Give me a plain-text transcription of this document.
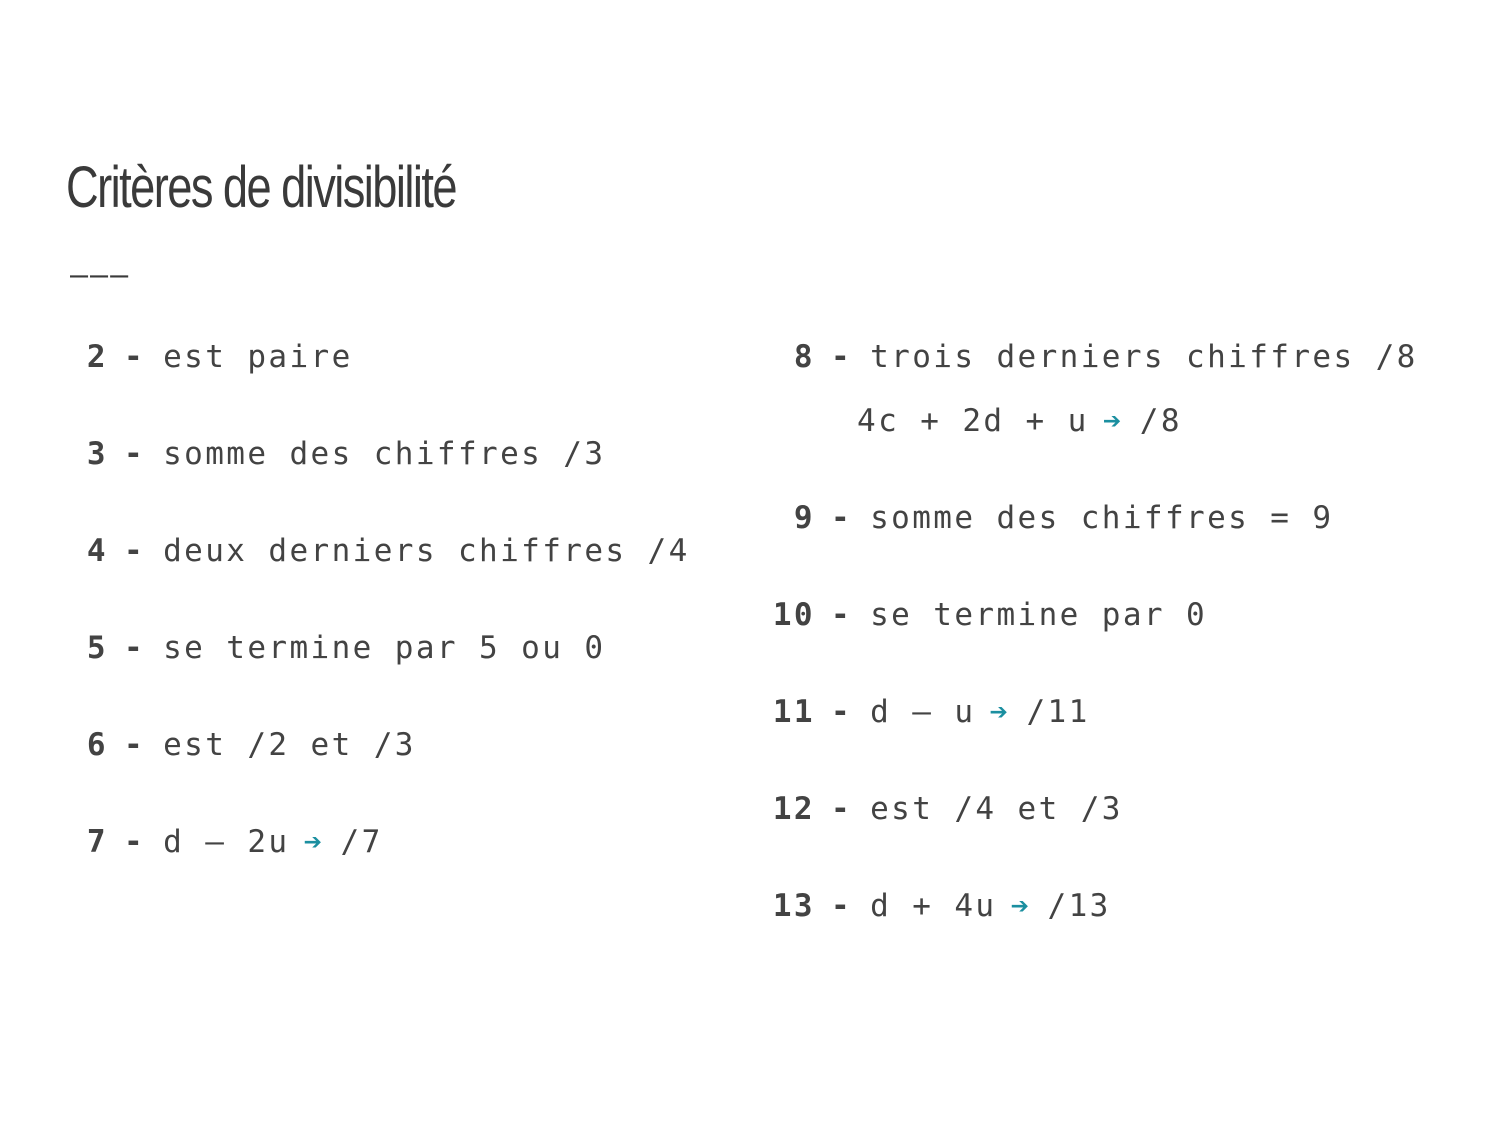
Critères de divisibilité
———
2 - est paire
3 - somme des chiffres /3
4 - deux derniers chiffres /4
5 - se termine par 5 ou 0
6 - est /2 et /3
7 - d – 2u ➔ /7
8 - trois derniers chiffres /8
4c + 2d + u ➔ /8
9 - somme des chiffres = 9
10 - se termine par 0
11 - d – u ➔ /11
12 - est /4 et /3
13 - d + 4u ➔ /13
